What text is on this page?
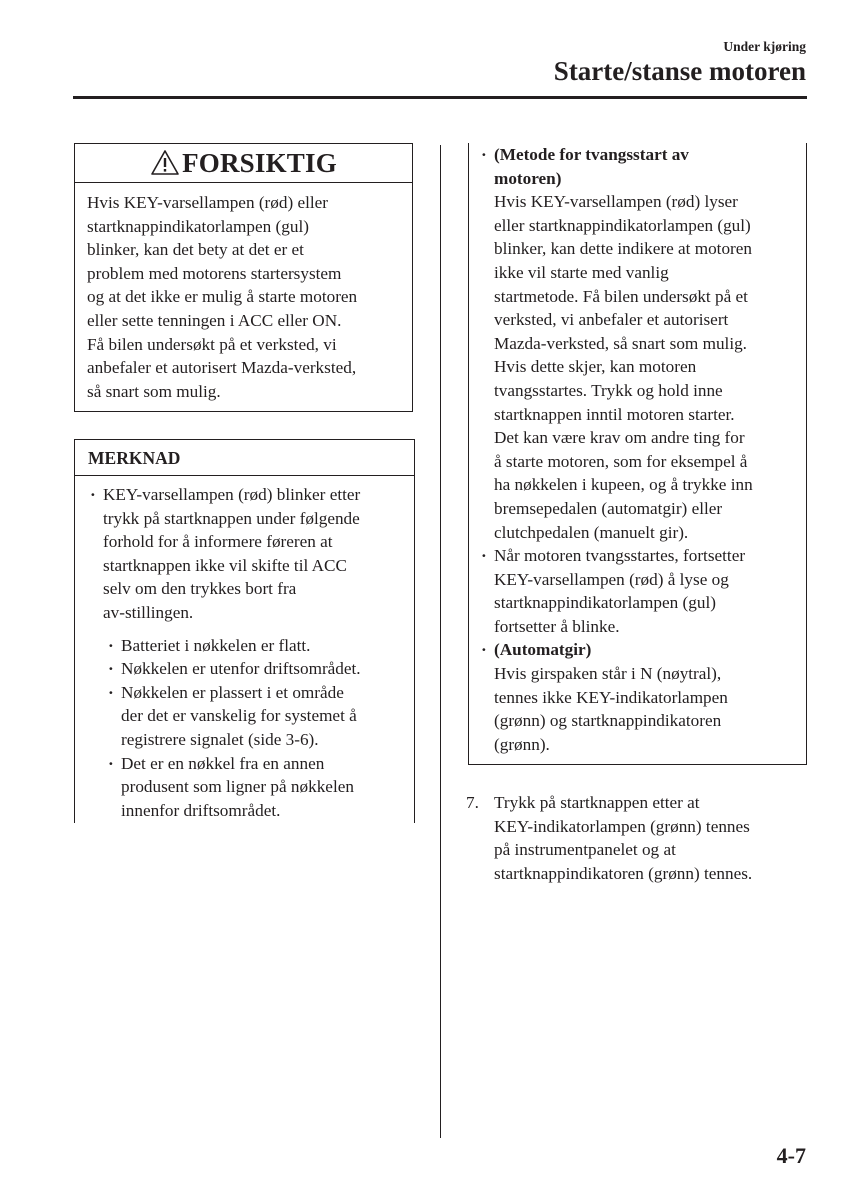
Under kjøring
Starte/stanse motoren
FORSIKTIG
Hvis KEY-varsellampen (rød) eller
startknappindikatorlampen (gul)
blinker, kan det bety at det er et
problem med motorens startersystem
og at det ikke er mulig å starte motoren
eller sette tenningen i ACC eller ON.
Få bilen undersøkt på et verksted, vi
anbefaler et autorisert Mazda-verksted,
så snart som mulig.
MERKNAD
· KEY-varsellampen (rød) blinker etter
trykk på startknappen under følgende
forhold for å informere føreren at
startknappen ikke vil skifte til ACC
selv om den trykkes bort fra
av-stillingen.
· Batteriet i nøkkelen er flatt.
· Nøkkelen er utenfor driftsområdet.
· Nøkkelen er plassert i et område
der det er vanskelig for systemet å
registrere signalet (side 3-6).
· Det er en nøkkel fra en annen
produsent som ligner på nøkkelen
innenfor driftsområdet.
· (Metode for tvangsstart av
motoren)
Hvis KEY-varsellampen (rød) lyser
eller startknappindikatorlampen (gul)
blinker, kan dette indikere at motoren
ikke vil starte med vanlig
startmetode. Få bilen undersøkt på et
verksted, vi anbefaler et autorisert
Mazda-verksted, så snart som mulig.
Hvis dette skjer, kan motoren
tvangsstartes. Trykk og hold inne
startknappen inntil motoren starter.
Det kan være krav om andre ting for
å starte motoren, som for eksempel å
ha nøkkelen i kupeen, og å trykke inn
bremsepedalen (automatgir) eller
clutchpedalen (manuelt gir).
· Når motoren tvangsstartes, fortsetter
KEY-varsellampen (rød) å lyse og
startknappindikatorlampen (gul)
fortsetter å blinke.
· (Automatgir)
Hvis girspaken står i N (nøytral),
tennes ikke KEY-indikatorlampen
(grønn) og startknappindikatoren
(grønn).
7. Trykk på startknappen etter at
KEY-indikatorlampen (grønn) tennes
på instrumentpanelet og at
startknappindikatoren (grønn) tennes.
4-7
